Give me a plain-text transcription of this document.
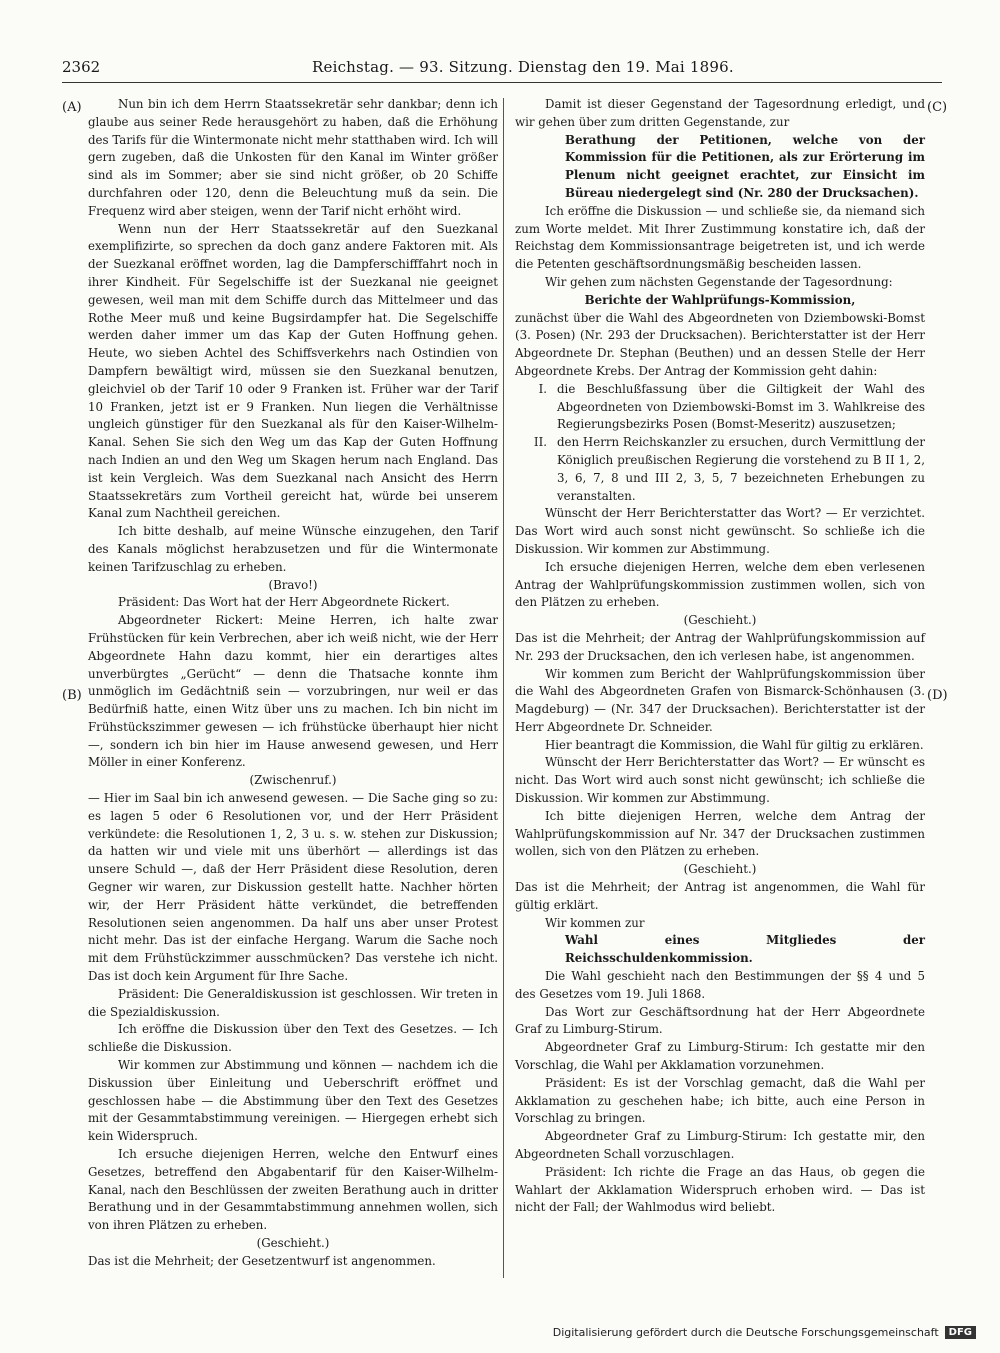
2362	Reichstag. — 93. Sitzung. Dienstag den 19. Mai 1896.
(A)
(B)
(C)
(D)

Nun bin ich dem Herrn Staatssekretär sehr dankbar; denn ich glaube aus seiner Rede herausgehört zu haben, daß die Erhöhung des Tarifs für die Wintermonate nicht mehr statthaben wird. Ich will gern zugeben, daß die Unkosten für den Kanal im Winter größer sind als im Sommer; aber sie sind nicht größer, ob 20 Schiffe durchfahren oder 120, denn die Beleuchtung muß da sein. Die Frequenz wird aber steigen, wenn der Tarif nicht erhöht wird.

Wenn nun der Herr Staatssekretär auf den Suezkanal exemplifizirte, so sprechen da doch ganz andere Faktoren mit. Als der Suezkanal eröffnet worden, lag die Dampferschifffahrt noch in ihrer Kindheit. Für Segelschiffe ist der Suezkanal nie geeignet gewesen, weil man mit dem Schiffe durch das Mittelmeer und das Rothe Meer muß und keine Bugsirdampfer hat. Die Segelschiffe werden daher immer um das Kap der Guten Hoffnung gehen. Heute, wo sieben Achtel des Schiffsverkehrs nach Ostindien von Dampfern bewältigt wird, müssen sie den Suezkanal benutzen, gleichviel ob der Tarif 10 oder 9 Franken ist. Früher war der Tarif 10 Franken, jetzt ist er 9 Franken. Nun liegen die Verhältnisse ungleich günstiger für den Suezkanal als für den Kaiser-Wilhelm-Kanal. Sehen Sie sich den Weg um das Kap der Guten Hoffnung nach Indien an und den Weg um Skagen herum nach England. Das ist kein Vergleich. Was dem Suezkanal nach Ansicht des Herrn Staatssekretärs zum Vortheil gereicht hat, würde bei unserem Kanal zum Nachtheil gereichen.

Ich bitte deshalb, auf meine Wünsche einzugehen, den Tarif des Kanals möglichst herabzusetzen und für die Wintermonate keinen Tarifzuschlag zu erheben.

(Bravo!)

Präsident: Das Wort hat der Herr Abgeordnete Rickert.

Abgeordneter Rickert: Meine Herren, ich halte zwar Frühstücken für kein Verbrechen, aber ich weiß nicht, wie der Herr Abgeordnete Hahn dazu kommt, hier ein derartiges altes unverbürgtes „Gerücht“ — denn die Thatsache konnte ihm unmöglich im Gedächtniß sein — vorzubringen, nur weil er das Bedürfniß hatte, einen Witz über uns zu machen. Ich bin nicht im Frühstückszimmer gewesen — ich frühstücke überhaupt hier nicht —, sondern ich bin hier im Hause anwesend gewesen, und Herr Möller in einer Konferenz.

(Zwischenruf.)

— Hier im Saal bin ich anwesend gewesen. — Die Sache ging so zu: es lagen 5 oder 6 Resolutionen vor, und der Herr Präsident verkündete: die Resolutionen 1, 2, 3 u. s. w. stehen zur Diskussion; da hatten wir und viele mit uns überhört — allerdings ist das unsere Schuld —, daß der Herr Präsident diese Resolution, deren Gegner wir waren, zur Diskussion gestellt hatte. Nachher hörten wir, der Herr Präsident hätte verkündet, die betreffenden Resolutionen seien angenommen. Da half uns aber unser Protest nicht mehr. Das ist der einfache Hergang. Warum die Sache noch mit dem Frühstückzimmer ausschmücken? Das verstehe ich nicht. Das ist doch kein Argument für Ihre Sache.

Präsident: Die Generaldiskussion ist geschlossen. Wir treten in die Spezialdiskussion.

Ich eröffne die Diskussion über den Text des Gesetzes. — Ich schließe die Diskussion.

Wir kommen zur Abstimmung und können — nachdem ich die Diskussion über Einleitung und Ueberschrift eröffnet und geschlossen habe — die Abstimmung über den Text des Gesetzes mit der Gesammtabstimmung vereinigen. — Hiergegen erhebt sich kein Widerspruch.

Ich ersuche diejenigen Herren, welche den Entwurf eines Gesetzes, betreffend den Abgabentarif für den Kaiser-Wilhelm-Kanal, nach den Beschlüssen der zweiten Berathung auch in dritter Berathung und in der Gesammtabstimmung annehmen wollen, sich von ihren Plätzen zu erheben.

(Geschieht.)

Das ist die Mehrheit; der Gesetzentwurf ist angenommen.

Damit ist dieser Gegenstand der Tagesordnung erledigt, und wir gehen über zum dritten Gegenstande, zur

Berathung der Petitionen, welche von der Kommission für die Petitionen, als zur Erörterung im Plenum nicht geeignet erachtet, zur Einsicht im Büreau niedergelegt sind (Nr. 280 der Drucksachen).

Ich eröffne die Diskussion — und schließe sie, da niemand sich zum Worte meldet. Mit Ihrer Zustimmung konstatire ich, daß der Reichstag dem Kommissionsantrage beigetreten ist, und ich werde die Petenten geschäftsordnungsmäßig bescheiden lassen.

Wir gehen zum nächsten Gegenstande der Tagesordnung:

Berichte der Wahlprüfungs-Kommission,

zunächst über die Wahl des Abgeordneten von Dziembowski-Bomst (3. Posen) (Nr. 293 der Drucksachen). Berichterstatter ist der Herr Abgeordnete Dr. Stephan (Beuthen) und an dessen Stelle der Herr Abgeordnete Krebs. Der Antrag der Kommission geht dahin:

I. die Beschlußfassung über die Giltigkeit der Wahl des Abgeordneten von Dziembowski-Bomst im 3. Wahlkreise des Regierungsbezirks Posen (Bomst-Meseritz) auszusetzen;
II. den Herrn Reichskanzler zu ersuchen, durch Vermittlung der Königlich preußischen Regierung die vorstehend zu B II 1, 2, 3, 6, 7, 8 und III 2, 3, 5, 7 bezeichneten Erhebungen zu veranstalten.

Wünscht der Herr Berichterstatter das Wort? — Er verzichtet. Das Wort wird auch sonst nicht gewünscht. So schließe ich die Diskussion. Wir kommen zur Abstimmung.

Ich ersuche diejenigen Herren, welche dem eben verlesenen Antrag der Wahlprüfungskommission zustimmen wollen, sich von den Plätzen zu erheben.

(Geschieht.)

Das ist die Mehrheit; der Antrag der Wahlprüfungskommission auf Nr. 293 der Drucksachen, den ich verlesen habe, ist angenommen.

Wir kommen zum Bericht der Wahlprüfungskommission über die Wahl des Abgeordneten Grafen von Bismarck-Schönhausen (3. Magdeburg) — (Nr. 347 der Drucksachen). Berichterstatter ist der Herr Abgeordnete Dr. Schneider.

Hier beantragt die Kommission, die Wahl für giltig zu erklären.

Wünscht der Herr Berichterstatter das Wort? — Er wünscht es nicht. Das Wort wird auch sonst nicht gewünscht; ich schließe die Diskussion. Wir kommen zur Abstimmung.

Ich bitte diejenigen Herren, welche dem Antrag der Wahlprüfungskommission auf Nr. 347 der Drucksachen zustimmen wollen, sich von den Plätzen zu erheben.

(Geschieht.)

Das ist die Mehrheit; der Antrag ist angenommen, die Wahl für gültig erklärt.

Wir kommen zur

Wahl eines Mitgliedes der Reichsschuldenkommission.

Die Wahl geschieht nach den Bestimmungen der §§ 4 und 5 des Gesetzes vom 19. Juli 1868.

Das Wort zur Geschäftsordnung hat der Herr Abgeordnete Graf zu Limburg-Stirum.

Abgeordneter Graf zu Limburg-Stirum: Ich gestatte mir den Vorschlag, die Wahl per Akklamation vorzunehmen.

Präsident: Es ist der Vorschlag gemacht, daß die Wahl per Akklamation zu geschehen habe; ich bitte, auch eine Person in Vorschlag zu bringen.

Abgeordneter Graf zu Limburg-Stirum: Ich gestatte mir, den Abgeordneten Schall vorzuschlagen.

Präsident: Ich richte die Frage an das Haus, ob gegen die Wahlart der Akklamation Widerspruch erhoben wird. — Das ist nicht der Fall; der Wahlmodus wird beliebt.

Digitalisierung gefördert durch die Deutsche Forschungsgemeinschaft	DFG
